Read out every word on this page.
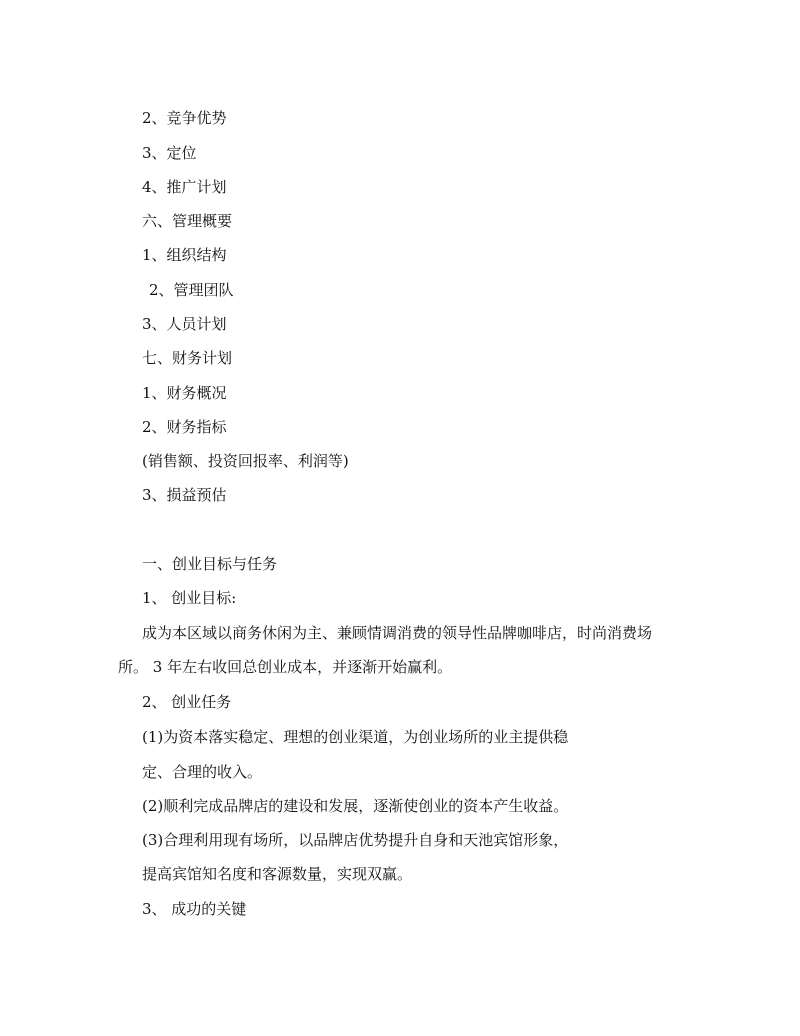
2、竞争优势
3、定位
4、推广计划
六、管理概要
1、组织结构
2、管理团队
3、人员计划
七、财务计划
1、财务概况
2、财务指标
(销售额、投资回报率、利润等)
3、损益预估
一、创业目标与任务
1、 创业目标:
成为本区域以商务休闲为主、兼顾情调消费的领导性品牌咖啡店，时尚消费场
所。 3 年左右收回总创业成本，并逐渐开始赢利。
2、 创业任务
(1)为资本落实稳定、理想的创业渠道，为创业场所的业主提供稳
定、合理的收入。
(2)顺利完成品牌店的建设和发展，逐渐使创业的资本产生收益。
(3)合理利用现有场所，以品牌店优势提升自身和天池宾馆形象，
提高宾馆知名度和客源数量，实现双赢。
3、 成功的关键
